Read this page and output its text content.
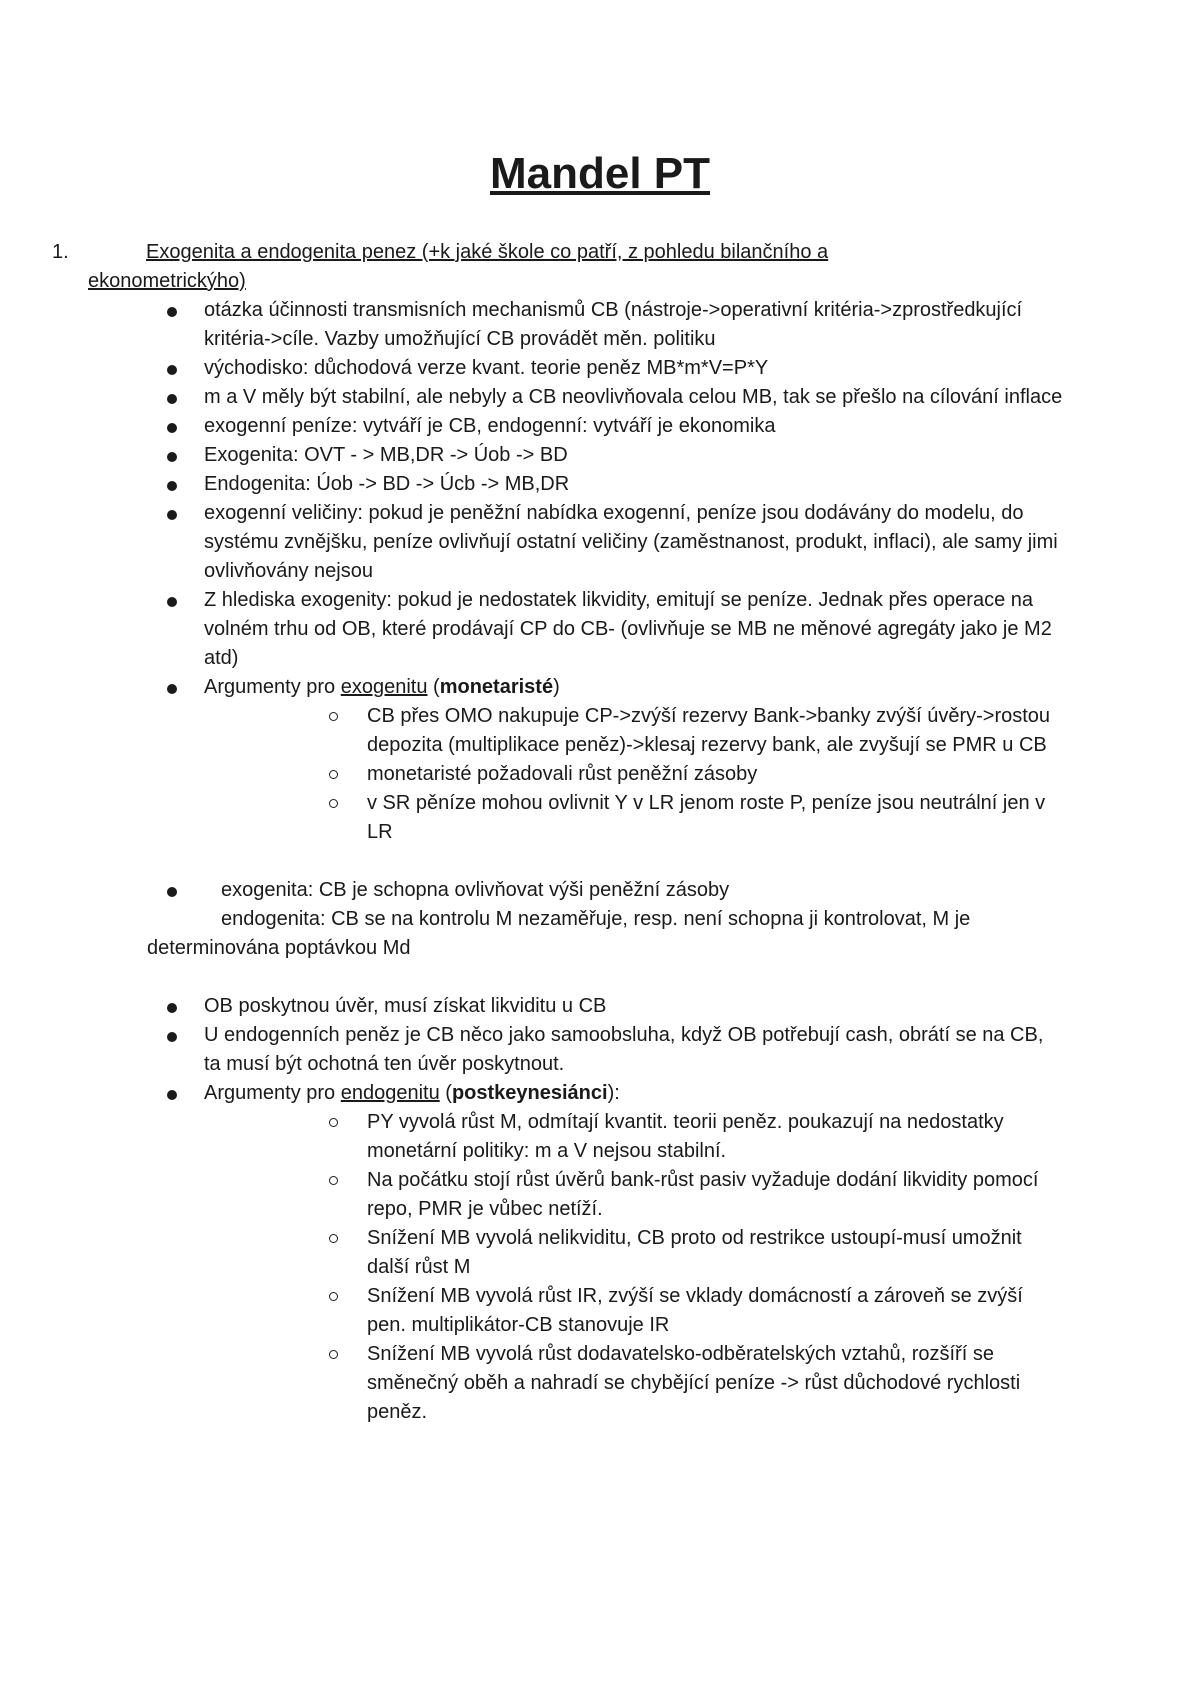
Mandel PT
1.	Exogenita a endogenita penez (+k jaké škole co patří, z pohledu bilančního a ekonometrickýho)
otázka účinnosti transmisních mechanismů CB (nástroje->operativní kritéria->zprostředkující kritéria->cíle. Vazby umožňující CB provádět měn. politiku
východisko: důchodová verze kvant. teorie peněz MB*m*V=P*Y
m a V měly být stabilní, ale nebyly a CB neovlivňovala celou MB, tak se přešlo na cílování inflace
exogenní peníze: vytváří je CB, endogenní: vytváří je ekonomika
Exogenita: OVT - > MB,DR -> Úob -> BD
Endogenita: Úob -> BD -> Úcb -> MB,DR
exogenní veličiny: pokud je peněžní nabídka exogenní, peníze jsou dodávány do modelu, do systému zvnějšku, peníze ovlivňují ostatní veličiny (zaměstnanost, produkt, inflaci), ale samy jimi ovlivňovány nejsou
Z hlediska exogenity: pokud je nedostatek likvidity, emitují se peníze. Jednak přes operace na volném trhu od OB, které prodávají CP do CB- (ovlivňuje se MB ne měnové agregáty jako je M2 atd)
Argumenty pro exogenitu (monetaristé)
CB přes OMO nakupuje CP->zvýší rezervy Bank->banky zvýší úvěry->rostou depozita (multiplikace peněz)->klesaj rezervy bank, ale zvyšují se PMR u CB
monetaristé požadovali růst peněžní zásoby
v SR pěníze mohou ovlivnit Y v LR jenom roste P, peníze jsou neutrální jen v LR
exogenita: CB je schopna ovlivňovat výši peněžní zásoby
endogenita: CB se na kontrolu M nezaměřuje, resp. není schopna ji kontrolovat, M je determinována poptávkou Md
OB poskytnou úvěr, musí získat likviditu u CB
U endogenních peněz je CB něco jako samoobsluha, když OB potřebují cash, obrátí se na CB, ta musí být ochotná ten úvěr poskytnout.
Argumenty pro endogenitu (postkeynesiánci):
PY vyvolá růst M, odmítají kvantit. teorii peněz. poukazují na nedostatky monetární politiky: m a V nejsou stabilní.
Na počátku stojí růst úvěrů bank-růst pasiv vyžaduje dodání likvidity pomocí repo, PMR je vůbec netíží.
Snížení MB vyvolá nelikviditu, CB proto od restrikce ustoupí-musí umožnit další růst M
Snížení MB vyvolá růst IR, zvýší se vklady domácností a zároveň se zvýší pen. multiplikátor-CB stanovuje IR
Snížení MB vyvolá růst dodavatelsko-odběratelských vztahů, rozšíří se směnečný oběh a nahradí se chybějící peníze -> růst důchodové rychlosti peněz.
